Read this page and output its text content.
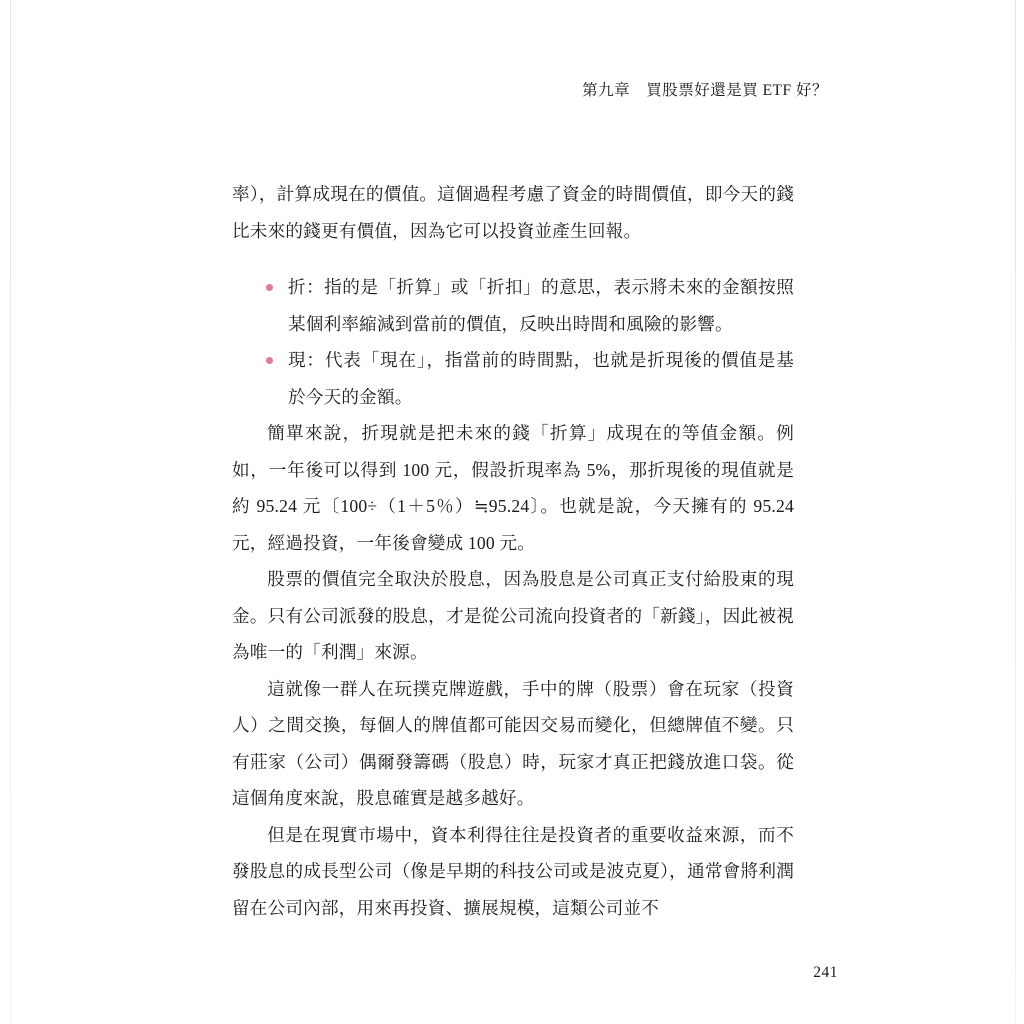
第九章 買股票好還是買 ETF 好？

率），計算成現在的價值。這個過程考慮了資金的時間價值，即今天的錢比未來的錢更有價值，因為它可以投資並產生回報。

折：指的是「折算」或「折扣」的意思，表示將未來的金額按照某個利率縮減到當前的價值，反映出時間和風險的影響。
現：代表「現在」，指當前的時間點，也就是折現後的價值是基於今天的金額。

簡單來說，折現就是把未來的錢「折算」成現在的等值金額。例如，一年後可以得到 100 元，假設折現率為 5%，那折現後的現值就是約 95.24 元〔100÷（1＋5％）≒95.24〕。也就是說，今天擁有的 95.24 元，經過投資，一年後會變成 100 元。

股票的價值完全取決於股息，因為股息是公司真正支付給股東的現金。只有公司派發的股息，才是從公司流向投資者的「新錢」，因此被視為唯一的「利潤」來源。

這就像一群人在玩撲克牌遊戲，手中的牌（股票）會在玩家（投資人）之間交換，每個人的牌值都可能因交易而變化，但總牌值不變。只有莊家（公司）偶爾發籌碼（股息）時，玩家才真正把錢放進口袋。從這個角度來說，股息確實是越多越好。

但是在現實市場中，資本利得往往是投資者的重要收益來源，而不發股息的成長型公司（像是早期的科技公司或是波克夏），通常會將利潤留在公司內部，用來再投資、擴展規模，這類公司並不

241
